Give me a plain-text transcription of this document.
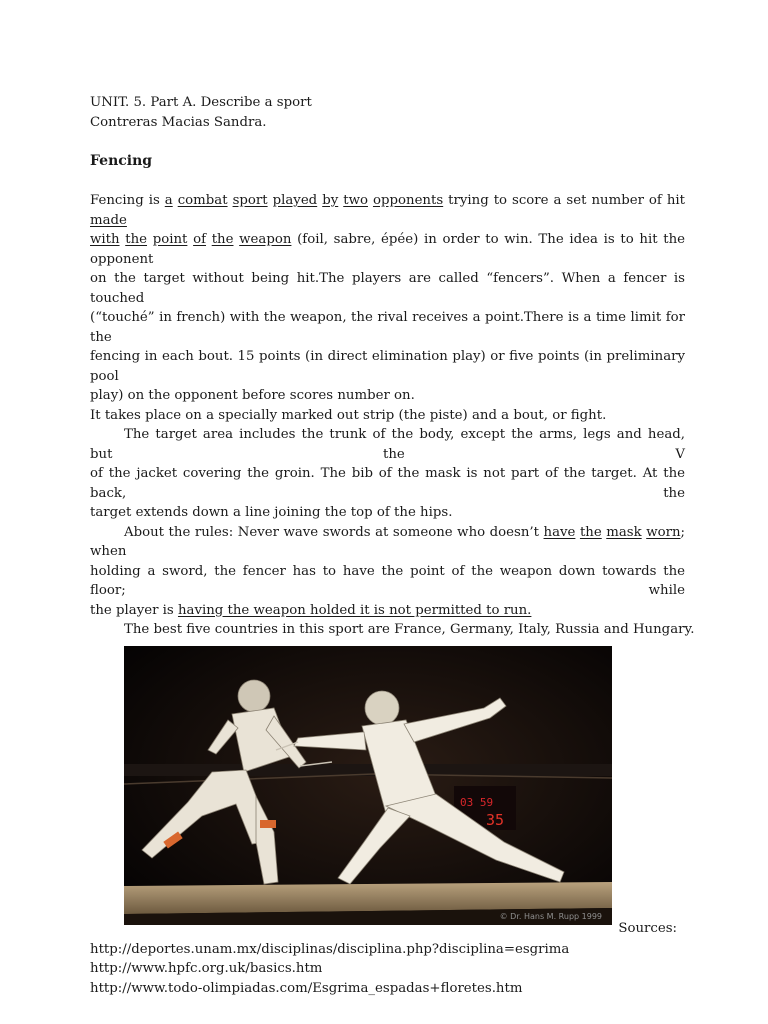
UNIT. 5. Part A. Describe a sport
Contreras Macias Sandra.
Fencing
Fencing is a combat sport played by two opponents trying to score a set number of hit made
with the point of the weapon (foil, sabre, épée) in order to win. The idea is to hit the opponent
on the target without being hit.The players are called “fencers”. When a fencer is touched
(“touché” in french) with the weapon, the rival receives a point.There is a time limit for the
fencing in each bout. 15 points (in direct elimination play) or five points (in preliminary pool
play) on the opponent before scores number on.
It takes place on a specially marked out strip (the piste) and a bout, or fight.
The target area includes the trunk of the body, except the arms, legs and head, but the V
of the jacket covering the groin. The bib of the mask is not part of the target. At the back, the
target extends down a line joining the top of the hips.
About the rules: Never wave swords at someone who doesn’t have the mask worn; when
holding a sword, the fencer has to have the point of the weapon down towards the floor; while
the player is having the weapon holded it is not permitted to run.
The best five countries in this sport are France, Germany, Italy, Russia and Hungary.
03 59
35
© Dr. Hans M. Rupp 1999
Sources:
http://deportes.unam.mx/disciplinas/disciplina.php?disciplina=esgrima
http://www.hpfc.org.uk/basics.htm
http://www.todo-olimpiadas.com/Esgrima_espadas+floretes.htm
